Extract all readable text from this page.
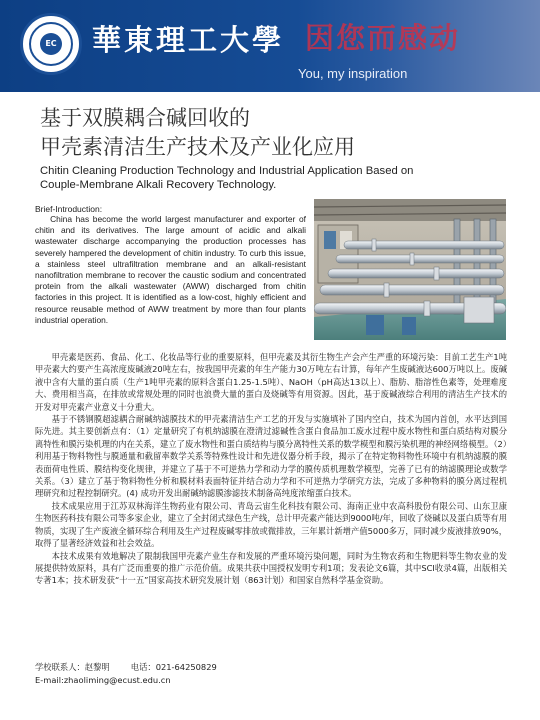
EC 華東理工大學 因您而感动
You, my inspiration
基于双膜耦合碱回收的
甲壳素清洁生产技术及产业化应用
Chitin Cleaning Production Technology and Industrial Application Based on
Couple-Membrane Alkali Recovery Technology.
Brief-Introduction:

China has become the world largest manufacturer and exporter of chitin and its derivatives. The large amount of acidic and alkali wastewater discharge accompanying the production processes has severely hampered the development of chitin industry. To curb this issue, a stainless steel ultrafiltration membrane and an alkali-resistant nanofiltration membrane to recover the caustic sodium and concentrated protein from the alkali wastewater (AWW) discharged from chitin factories in this project. It is identified as a low-cost, highly efficient and resource reusable method of AWW treatment by more than four plants industrial operation.

甲壳素是医药、食品、化工、化妆品等行业的重要原料，但甲壳素及其衍生物生产会产生严重的环境污染：目前工艺生产1吨甲壳素大约要产生高浓度废碱液20吨左右，按我国甲壳素的年生产能力30万吨左右计算，每年产生废碱液达600万吨以上。废碱液中含有大量的蛋白质（生产1吨甲壳素的原料含蛋白1.25-1.5吨）、NaOH（pH高达13以上）、脂肪、脂溶性色素等，处理难度大、费用相当高，在排放或常规处理的同时也浪费大量的蛋白及烧碱等有用资源。因此，基于废碱液综合利用的清洁生产技术的开发对甲壳素产业意义十分重大。

基于不锈钢膜超滤耦合耐碱纳滤膜技术的甲壳素清洁生产工艺的开发与实施填补了国内空白，技术为国内首创，水平达到国际先进。其主要创新点有：（1）定量研究了有机纳滤膜在澄清过滤碱性含蛋白食品加工废水过程中废水物性和蛋白质结构对膜分离特性和膜污染机理的内在关系，建立了废水物性和蛋白质结构与膜分离特性关系的数学模型和膜污染机理的神经网络模型。（2）利用基于物料物性与膜通量和截留率数学关系等特殊性设计和先进仪器分析手段，揭示了在特定物料物性环境中有机纳滤膜的膜表面荷电性质、膜结构变化规律，并建立了基于不可逆热力学和动力学的膜传质机理数学模型，完善了已有的纳滤膜理论或数学关系。（3）建立了基于物料物性分析和膜材料表面特征并结合动力学和不可逆热力学研究方法，完成了多种物料的膜分离过程机理研究和过程控制研究。(4) 成功开发出耐碱纳滤膜渗滤技术制备高纯度浓缩蛋白技术。

技术成果应用于江苏双林海洋生物药业有限公司、青岛云宙生化科技有限公司、海南正业中农高科股份有限公司、山东卫康生物医药科技有限公司等多家企业，建立了全封闭式绿色生产线，总计甲壳素产能达到9000吨/年，回收了烧碱以及蛋白质等有用物质，实现了生产废液全循环综合利用及生产过程废碱零排放或微排放，三年累计新增产值5000多万，同时减少废液排放90%，取得了显著经济效益和社会效益。

本技术成果有效地解决了限制我国甲壳素产业生存和发展的严重环境污染问题，同时为生物农药和生物肥料等生物农业的发展提供特效原料，具有广泛而重要的推广示范价值。成果共获中国授权发明专利1项；发表论文6篇，其中SCI收录4篇，出版相关专著1本；技术研发获“十一五”国家高技术研究发展计划（863计划）和国家自然科学基金资助。

学校联系人：赵黎明	电话：021-64250829
E-mail:zhaoliming@ecust.edu.cn
